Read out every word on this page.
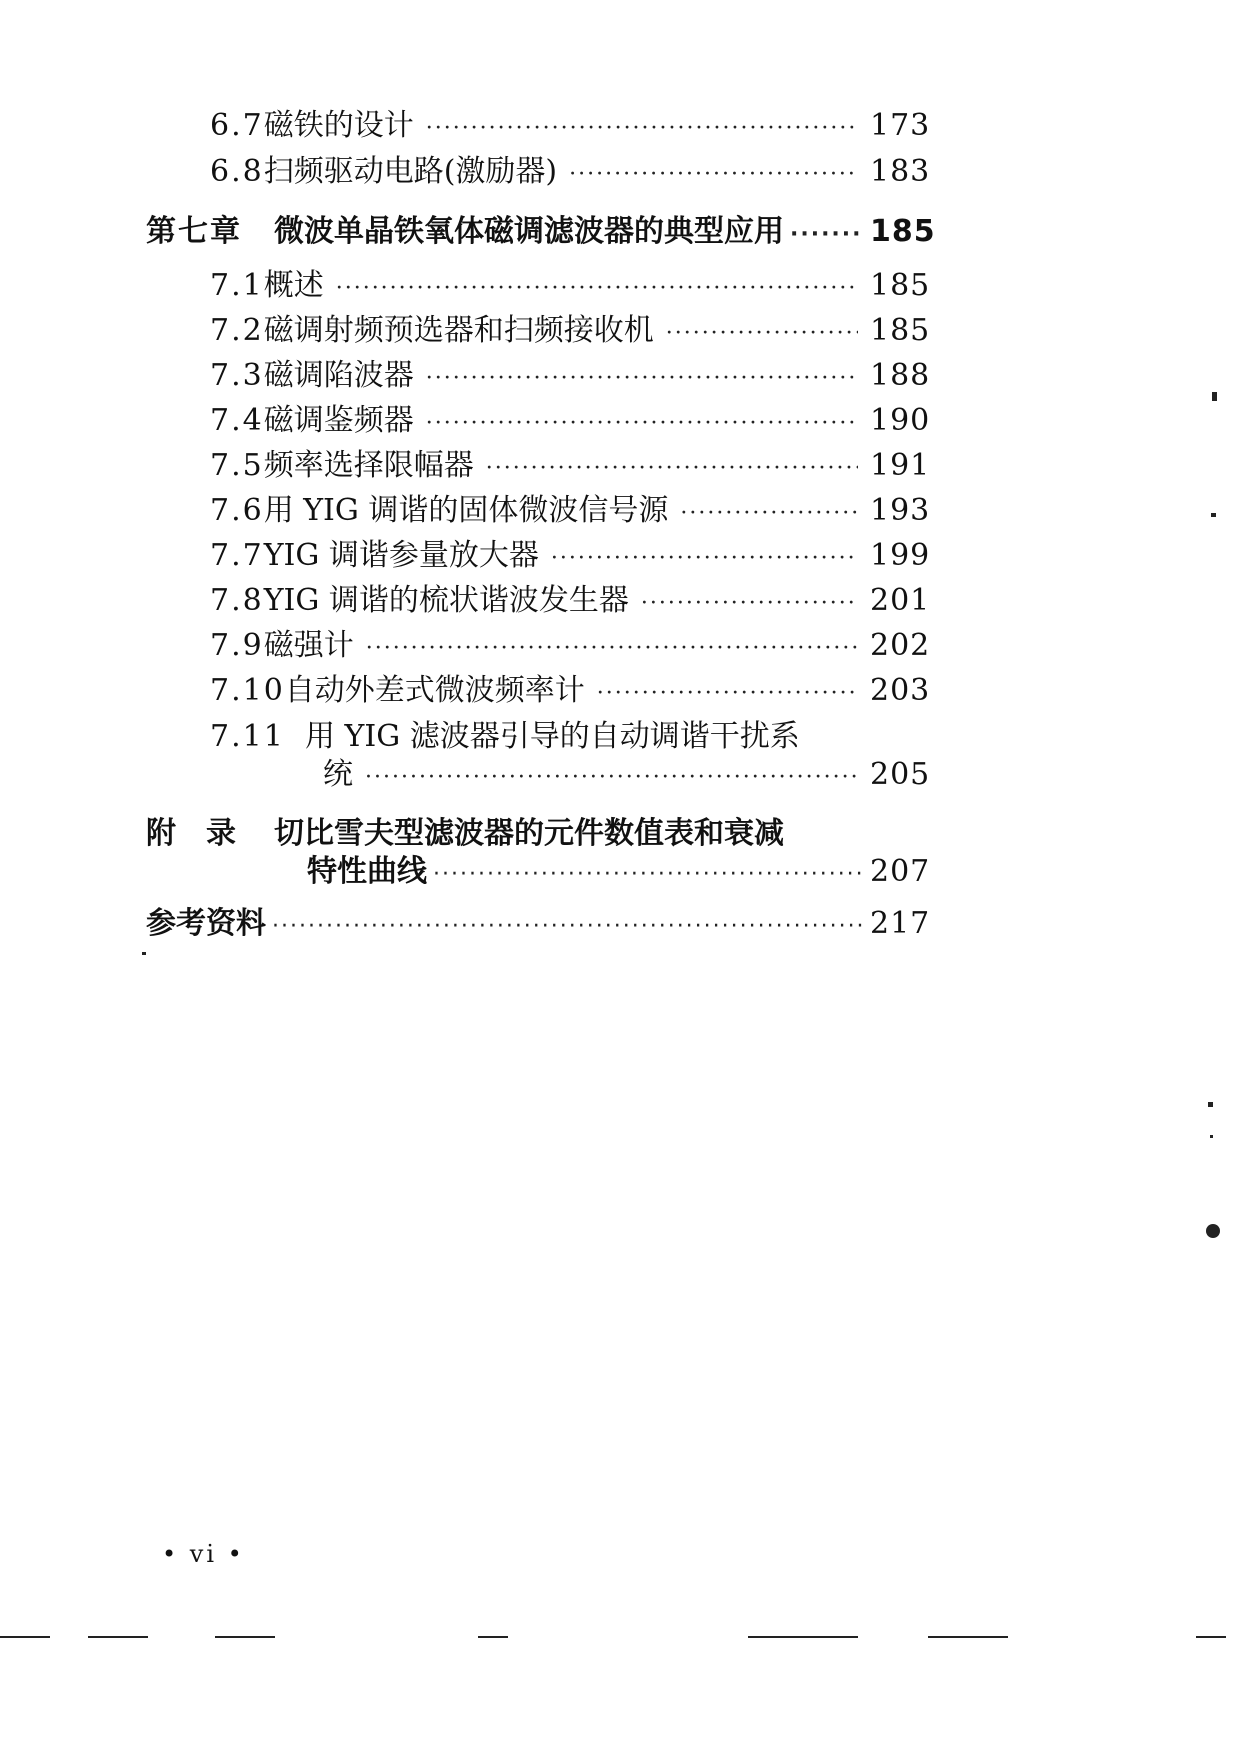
6.7 磁铁的设计 ·····	173
6.8 扫频驱动电路(激励器) ·····	183
第七章 微波单晶铁氧体磁调滤波器的典型应用 ·····	185
7.1 概述 ·····	185
7.2 磁调射频预选器和扫频接收机 ·····	185
7.3 磁调陷波器 ·····	188
7.4 磁调鉴频器 ·····	190
7.5 频率选择限幅器 ·····	191
7.6 用 YIG 调谐的固体微波信号源 ·····	193
7.7 YIG 调谐参量放大器 ·····	199
7.8 YIG 调谐的梳状谐波发生器 ·····	201
7.9 磁强计 ·····	202
7.10 自动外差式微波频率计 ·····	203
7.11 用 YIG 滤波器引导的自动调谐干扰系
统 ·····	205
附　录 切比雪夫型滤波器的元件数值表和衰减
特性曲线 ·····	207
参考资料 ·····	217
• vi •
